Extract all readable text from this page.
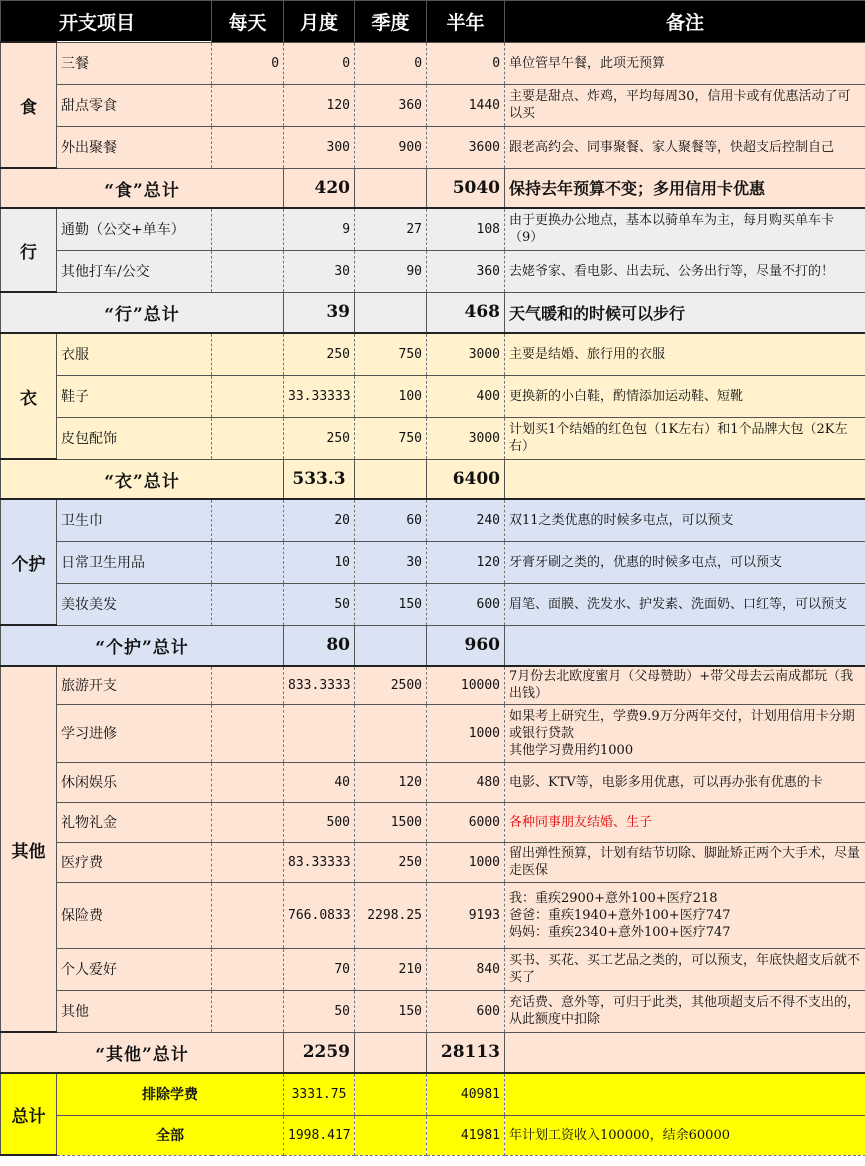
开支项目		每天	月度	季度	半年	备注
食	三餐	0	0	0	0	单位管早午餐，此项无预算
	甜点零食		120	360	1440	主要是甜点、炸鸡，平均每周30，信用卡或有优惠活动了可以买
	外出聚餐		300	900	3600	跟老高约会、同事聚餐、家人聚餐等，快超支后控制自己
“食”总计			420		5040	保持去年预算不变；多用信用卡优惠
行	通勤（公交+单车）		9	27	108	由于更换办公地点，基本以骑单车为主，每月购买单车卡（9）
	其他打车/公交		30	90	360	去姥爷家、看电影、出去玩、公务出行等，尽量不打的！
“行”总计			39		468	天气暖和的时候可以步行
衣	衣服		250	750	3000	主要是结婚、旅行用的衣服
	鞋子		33.33333	100	400	更换新的小白鞋，酌情添加运动鞋、短靴
	皮包配饰		250	750	3000	计划买1个结婚的红色包（1K左右）和1个品牌大包（2K左右）
“衣”总计			533.3		6400	
个护	卫生巾		20	60	240	双11之类优惠的时候多屯点，可以预支
	日常卫生用品		10	30	120	牙膏牙刷之类的，优惠的时候多屯点，可以预支
	美妆美发		50	150	600	眉笔、面膜、洗发水、护发素、洗面奶、口红等，可以预支
“个护”总计			80		960	
其他	旅游开支		833.3333	2500	10000	7月份去北欧度蜜月（父母赞助）+带父母去云南成都玩（我出钱）
	学习进修				1000	如果考上研究生，学费9.9万分两年交付，计划用信用卡分期或银行贷款
其他学习费用约1000
	休闲娱乐		40	120	480	电影、KTV等，电影多用优惠，可以再办张有优惠的卡
	礼物礼金		500	1500	6000	各种同事朋友结婚、生子
	医疗费		83.33333	250	1000	留出弹性预算，计划有结节切除、脚趾矫正两个大手术，尽量走医保
	保险费		766.0833	2298.25	9193	我：重疾2900+意外100+医疗218
爸爸：重疾1940+意外100+医疗747
妈妈：重疾2340+意外100+医疗747
	个人爱好		70	210	840	买书、买花、买工艺品之类的，可以预支，年底快超支后就不买了
	其他		50	150	600	充话费、意外等，可归于此类，其他项超支后不得不支出的，从此额度中扣除
“其他”总计			2259		28113	
总计	排除学费		3331.75		40981	
	全部		1998.417		41981	年计划工资收入100000，结余60000
